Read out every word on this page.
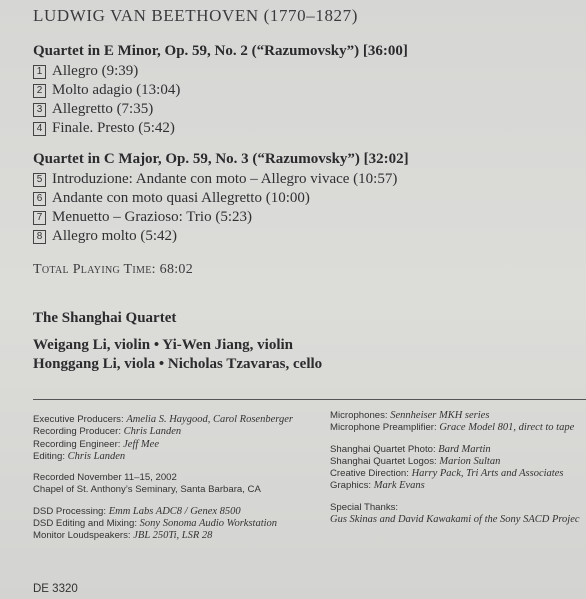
LUDWIG VAN BEETHOVEN (1770–1827)
Quartet in E Minor, Op. 59, No. 2 (“Razumovsky”) [36:00]
1 Allegro (9:39)
2 Molto adagio (13:04)
3 Allegretto (7:35)
4 Finale. Presto (5:42)
Quartet in C Major, Op. 59, No. 3 (“Razumovsky”) [32:02]
5 Introduzione: Andante con moto – Allegro vivace (10:57)
6 Andante con moto quasi Allegretto (10:00)
7 Menuetto – Grazioso: Trio (5:23)
8 Allegro molto (5:42)
Total Playing Time: 68:02
The Shanghai Quartet
Weigang Li, violin • Yi-Wen Jiang, violin
Honggang Li, viola • Nicholas Tzavaras, cello
Executive Producers: Amelia S. Haygood, Carol Rosenberger
Recording Producer: Chris Landen
Recording Engineer: Jeff Mee
Editing: Chris Landen
Recorded November 11–15, 2002
Chapel of St. Anthony’s Seminary, Santa Barbara, CA
DSD Processing: Emm Labs ADC8 / Genex 8500
DSD Editing and Mixing: Sony Sonoma Audio Workstation
Monitor Loudspeakers: JBL 250Ti, LSR 28
Microphones: Sennheiser MKH series
Microphone Preamplifier: Grace Model 801, direct to tape
Shanghai Quartet Photo: Bard Martin
Shanghai Quartet Logos: Marion Sultan
Creative Direction: Harry Pack, Tri Arts and Associates
Graphics: Mark Evans
Special Thanks:
Gus Skinas and David Kawakami of the Sony SACD Projec
DE 3320
